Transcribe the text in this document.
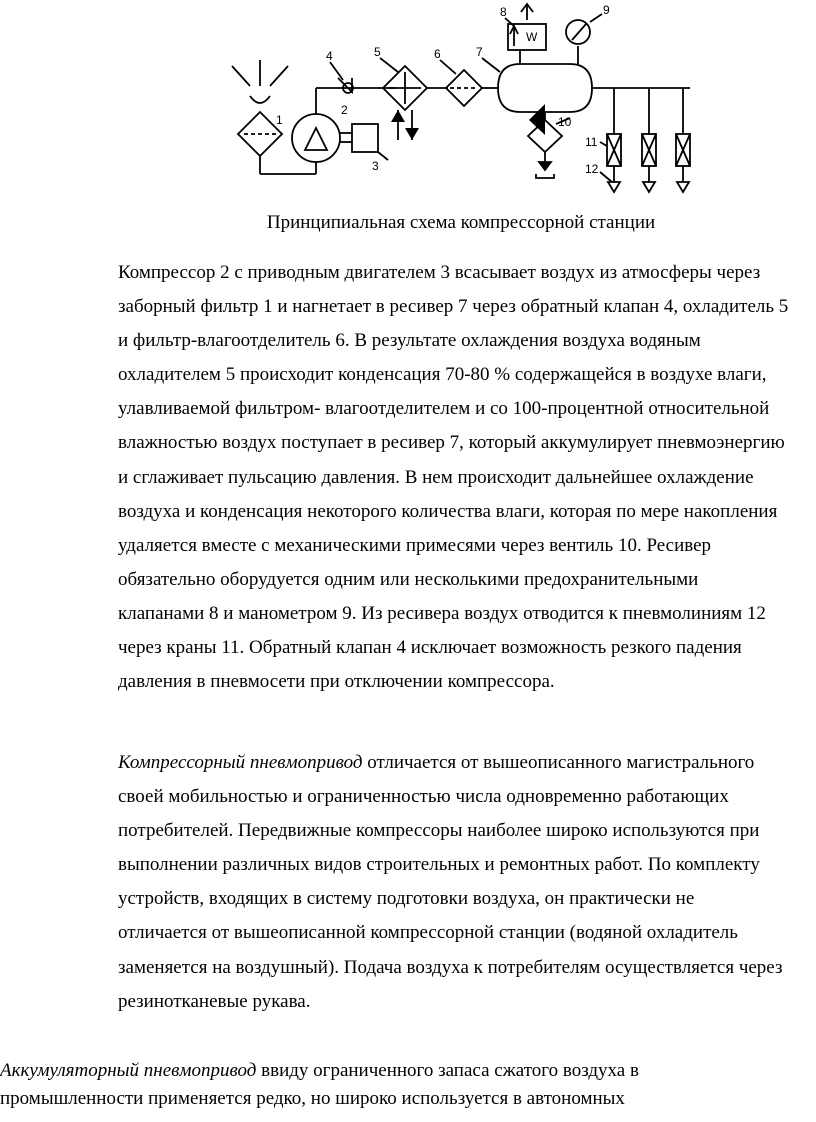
1
2
3
4	5	6	7
8	9
10
11
12
W
Принципиальная схема компрессорной станции

Компрессор 2 с приводным двигателем 3 всасывает воздух из атмосферы через
заборный фильтр 1 и нагнетает в ресивер 7 через обратный клапан 4, охладитель 5
и фильтр-влагоотделитель 6. В результате охлаждения воздуха водяным
охладителем 5 происходит конденсация 70-80 % содержащейся в воздухе влаги,
улавливаемой фильтром- влагоотделителем и со 100-процентной относительной
влажностью воздух поступает в ресивер 7, который аккумулирует пневмоэнергию
и сглаживает пульсацию давления. В нем происходит дальнейшее охлаждение
воздуха и конденсация некоторого количества влаги, которая по мере накопления
удаляется вместе с механическими примесями через вентиль 10. Ресивер
обязательно оборудуется одним или несколькими предохранительными
клапанами 8 и манометром 9. Из ресивера воздух отводится к пневмолиниям 12
через краны 11. Обратный клапан 4 исключает возможность резкого падения
давления в пневмосети при отключении компрессора.

Компрессорный пневмопривод отличается от вышеописанного магистрального
своей мобильностью и ограниченностью числа одновременно работающих
потребителей. Передвижные компрессоры наиболее широко используются при
выполнении различных видов строительных и ремонтных работ. По комплекту
устройств, входящих в систему подготовки воздуха, он практически не
отличается от вышеописанной компрессорной станции (водяной охладитель
заменяется на воздушный). Подача воздуха к потребителям осуществляется через
резинотканевые рукава.

Аккумуляторный пневмопривод ввиду ограниченного запаса сжатого воздуха в
промышленности применяется редко, но широко используется в автономных
